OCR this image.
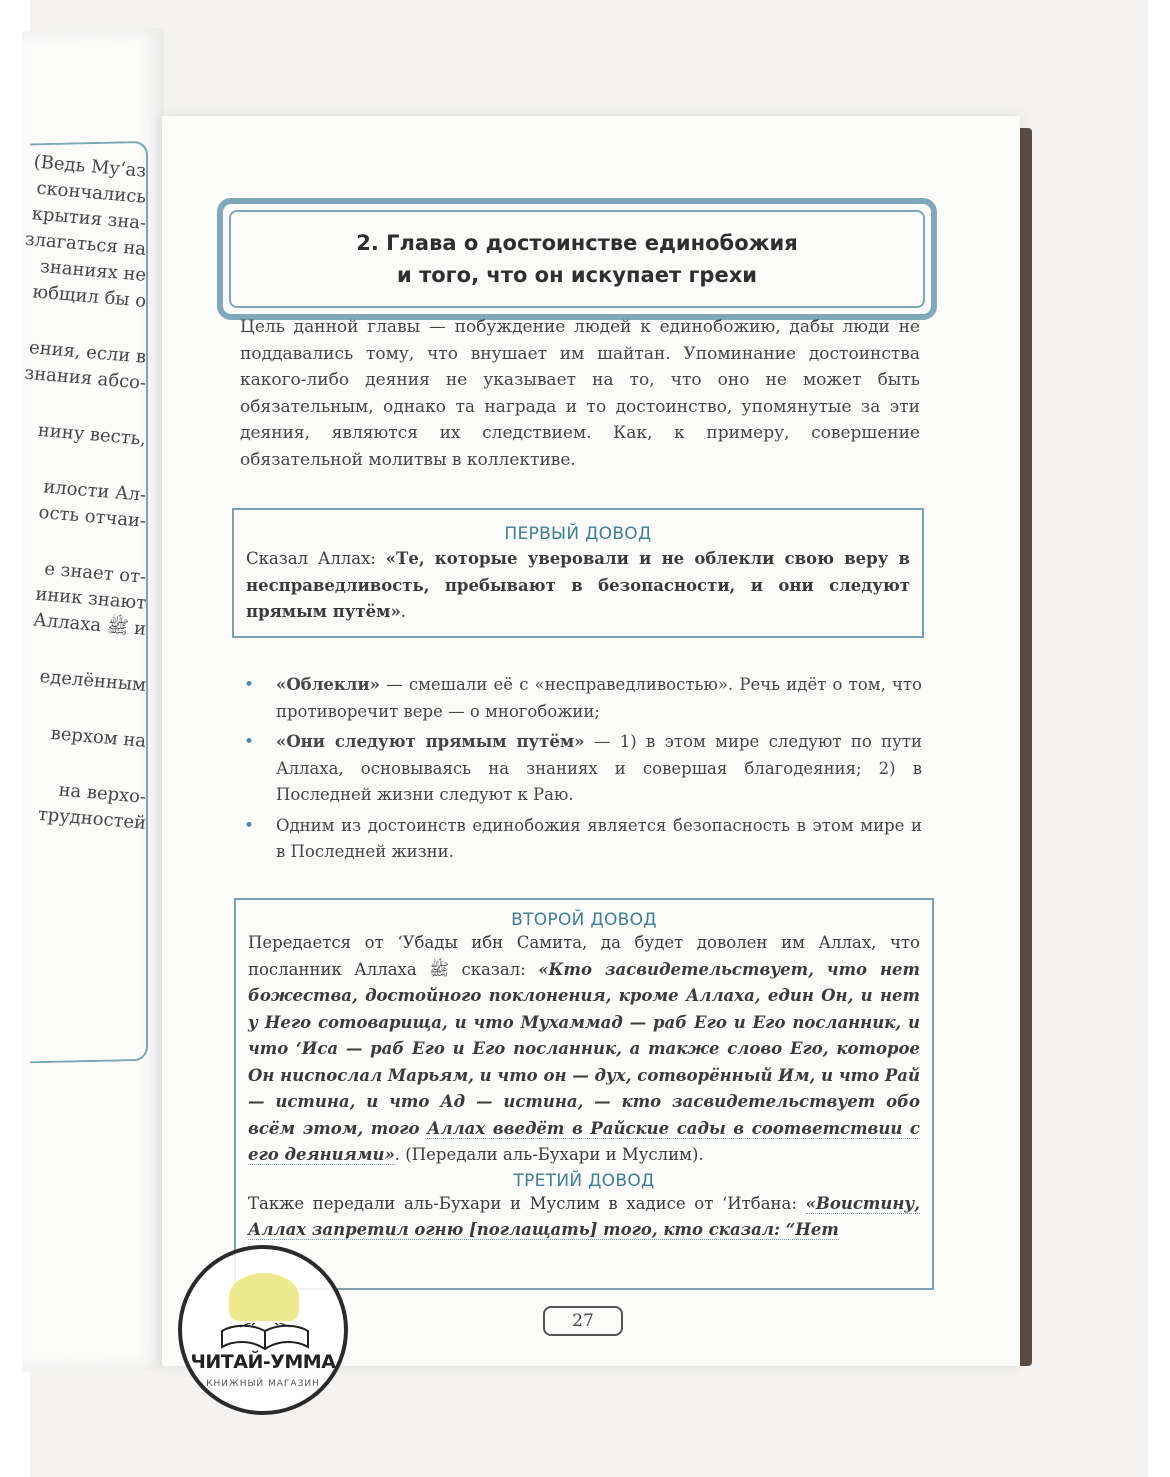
(Ведь Му‘аз
скончались
крытия зна-
злагаться на
знаниях не
юбщил бы о
ения, если в
знания абсо-
нину весть,
илости Ал-
ость отчаи-
е знает от-
иник знают
Аллаха ﷺ и
еделённым
верхом на
на верхо-
трудностей
2. Глава о достоинстве единобожия
и того, что он искупает грехи

Цель данной главы — побуждение людей к единобожию, дабы люди не поддавались тому, что внушает им шайтан. Упоминание достоинства какого-либо деяния не указывает на то, что оно не может быть обязательным, однако та награда и то достоинство, упомянутые за эти деяния, являются их следствием. Как, к примеру, совершение обязательной молитвы в коллективе.

ПЕРВЫЙ ДОВОД
Сказал Аллах: «Те, которые уверовали и не облекли свою веру в несправедливость, пребывают в безопасности, и они следуют прямым путём».
• «Облекли» — смешали её с «несправедливостью». Речь идёт о том, что противоречит вере — о многобожии;
• «Они следуют прямым путём» — 1) в этом мире следуют по пути Аллаха, основываясь на знаниях и совершая благодеяния; 2) в Последней жизни следуют к Раю.
• Одним из достоинств единобожия является безопасность в этом мире и в Последней жизни.
ВТОРОЙ ДОВОД
Передается от ‘Убады ибн Самита, да будет доволен им Аллах, что посланник Аллаха ﷺ сказал: «Кто засвидетельствует, что нет божества, достойного поклонения, кроме Аллаха, един Он, и нет у Него сотоварища, и что Мухаммад — раб Его и Его посланник, и что ‘Иса — раб Его и Его посланник, а также слово Его, которое Он ниспослал Марьям, и что он — дух, сотворённый Им, и что Рай — истина, и что Ад — истина, — кто засвидетельствует обо всём этом, того Аллах введёт в Райские сады в соответствии с его деяниями». (Передали аль-Бухари и Муслим).
ТРЕТИЙ ДОВОД
Также передали аль-Бухари и Муслим в хадисе от ‘Итбана: «Воистину, Аллах запретил огню [поглащать] того, кто сказал: “Нет
27
ЧИТАЙ-УММА
КНИЖНЫЙ МАГАЗИН
